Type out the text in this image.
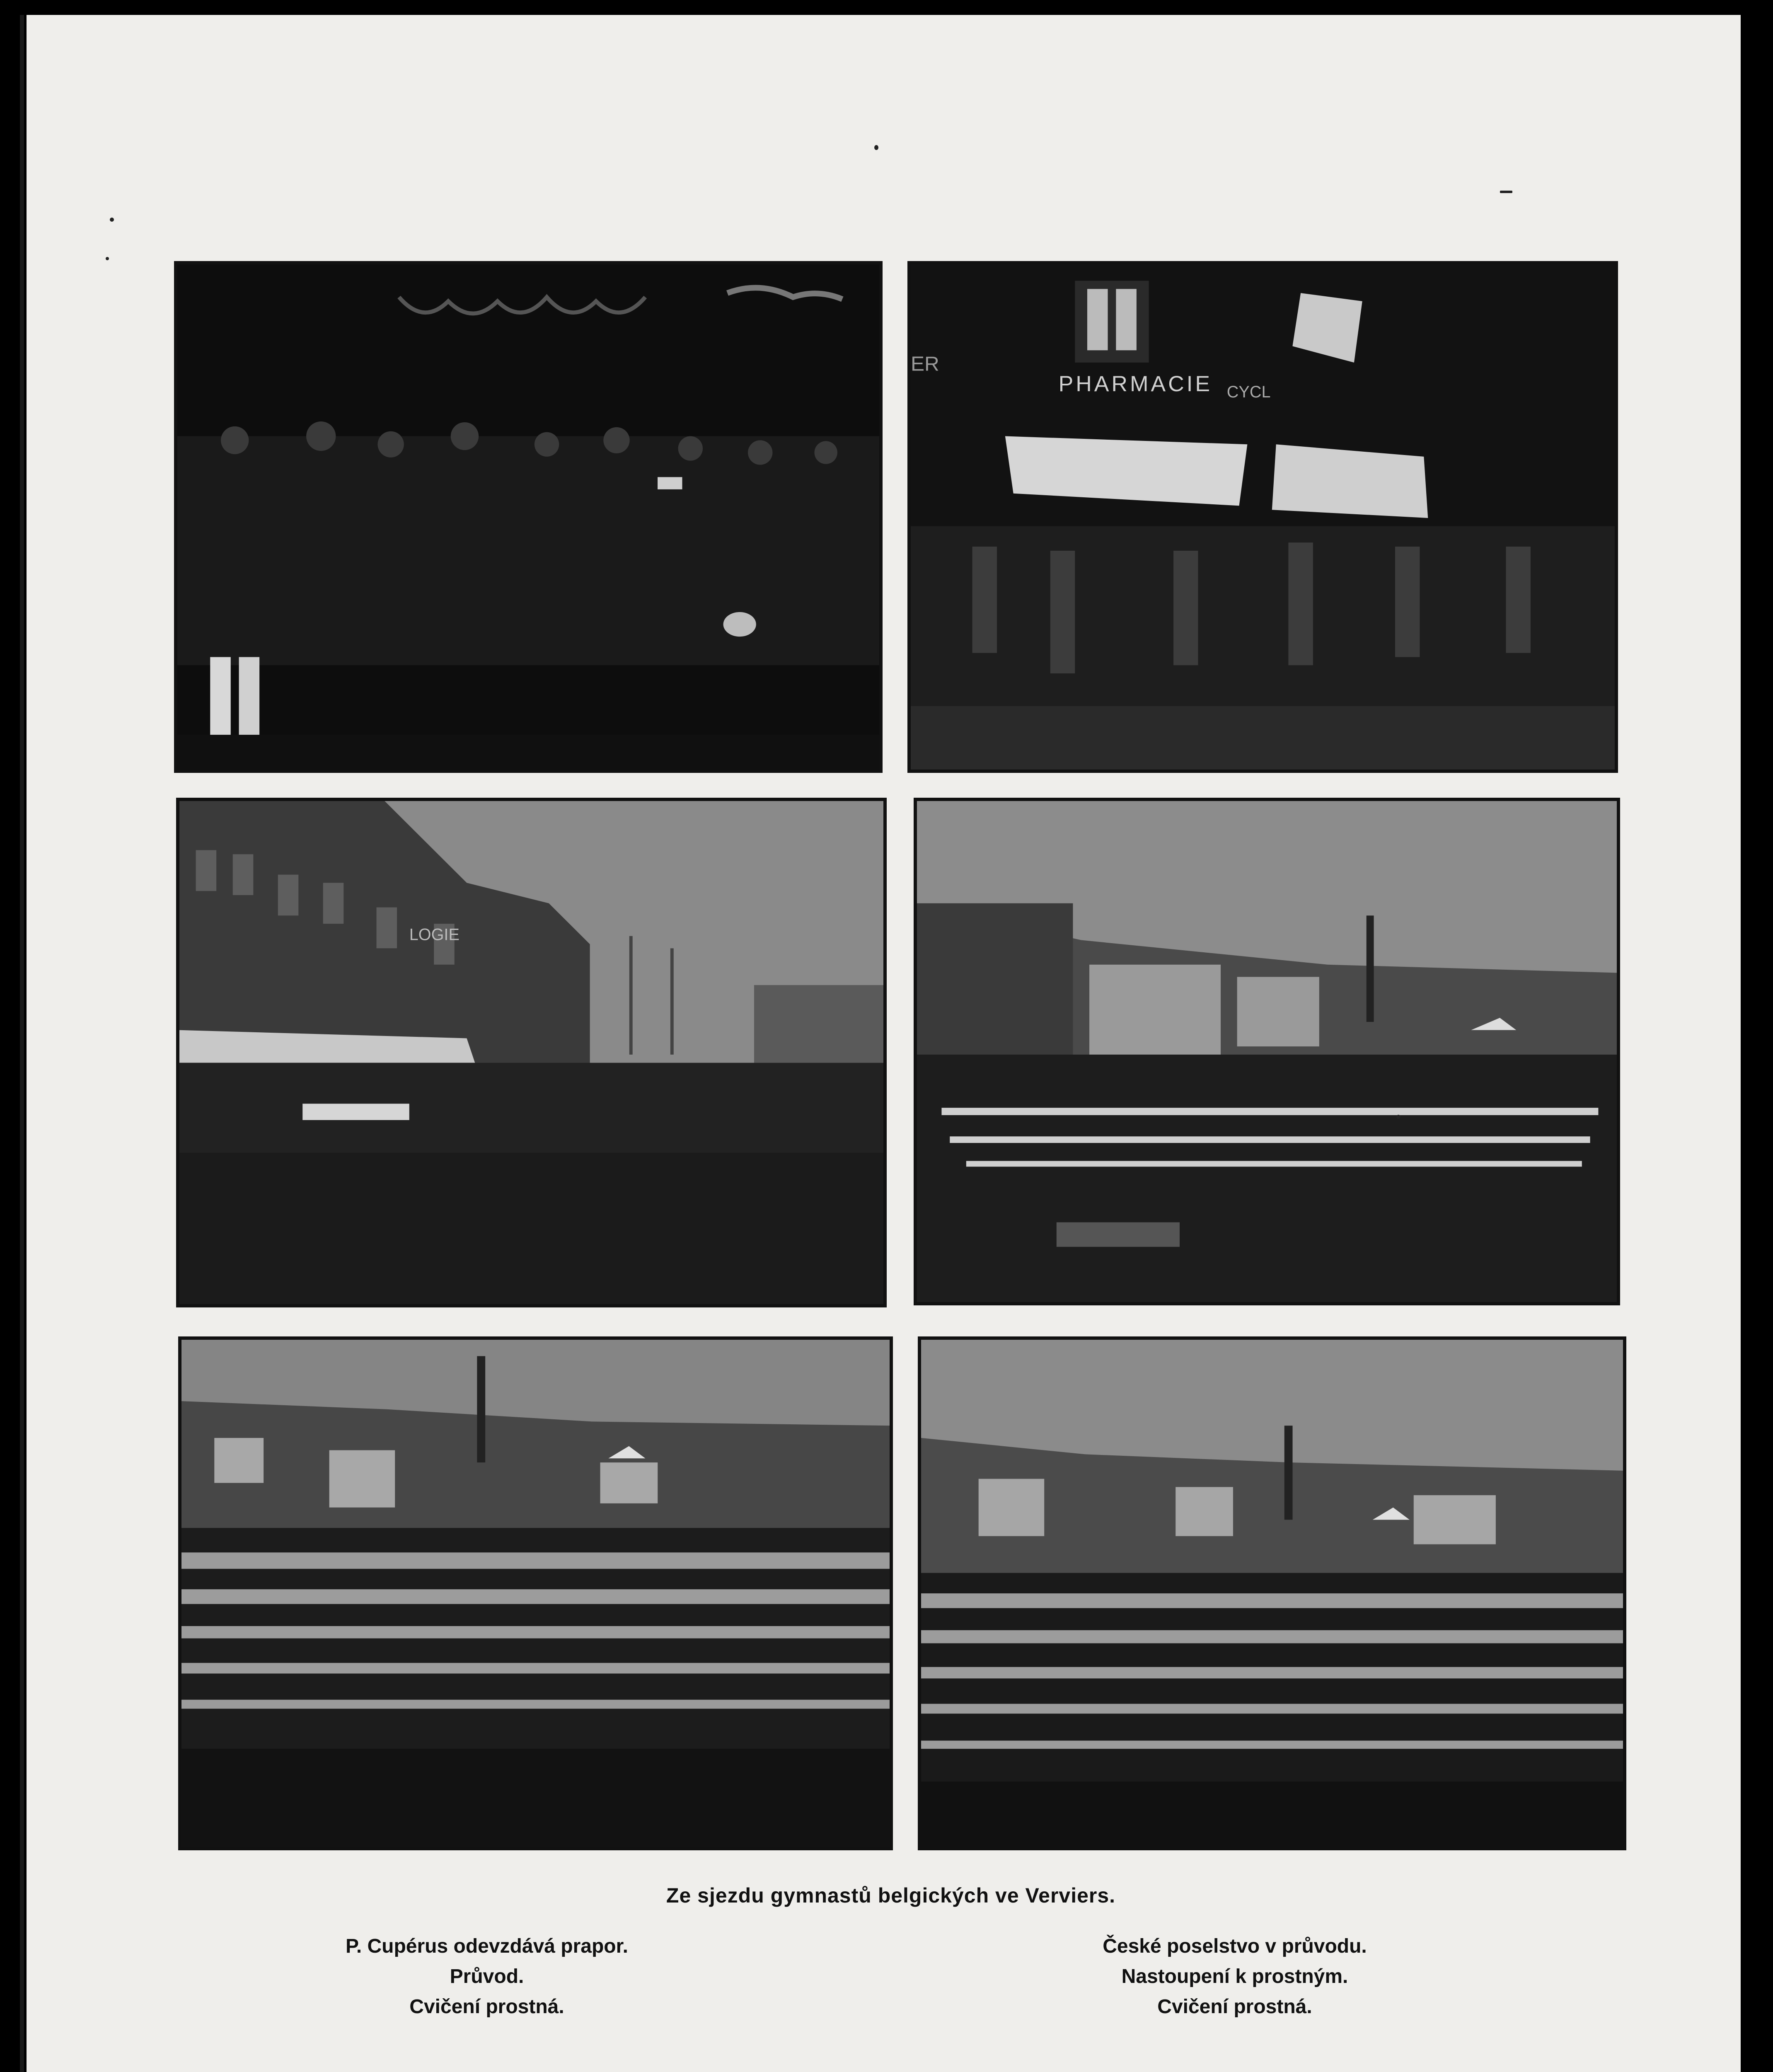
PHARMACIE CYCL
ER
LOGIE
Ze sjezdu gymnastů belgických ve Verviers.
P. Cupérus odevzdává prapor.
Průvod.
Cvičení prostná.
České poselstvo v průvodu.
Nastoupení k prostným.
Cvičení prostná.
